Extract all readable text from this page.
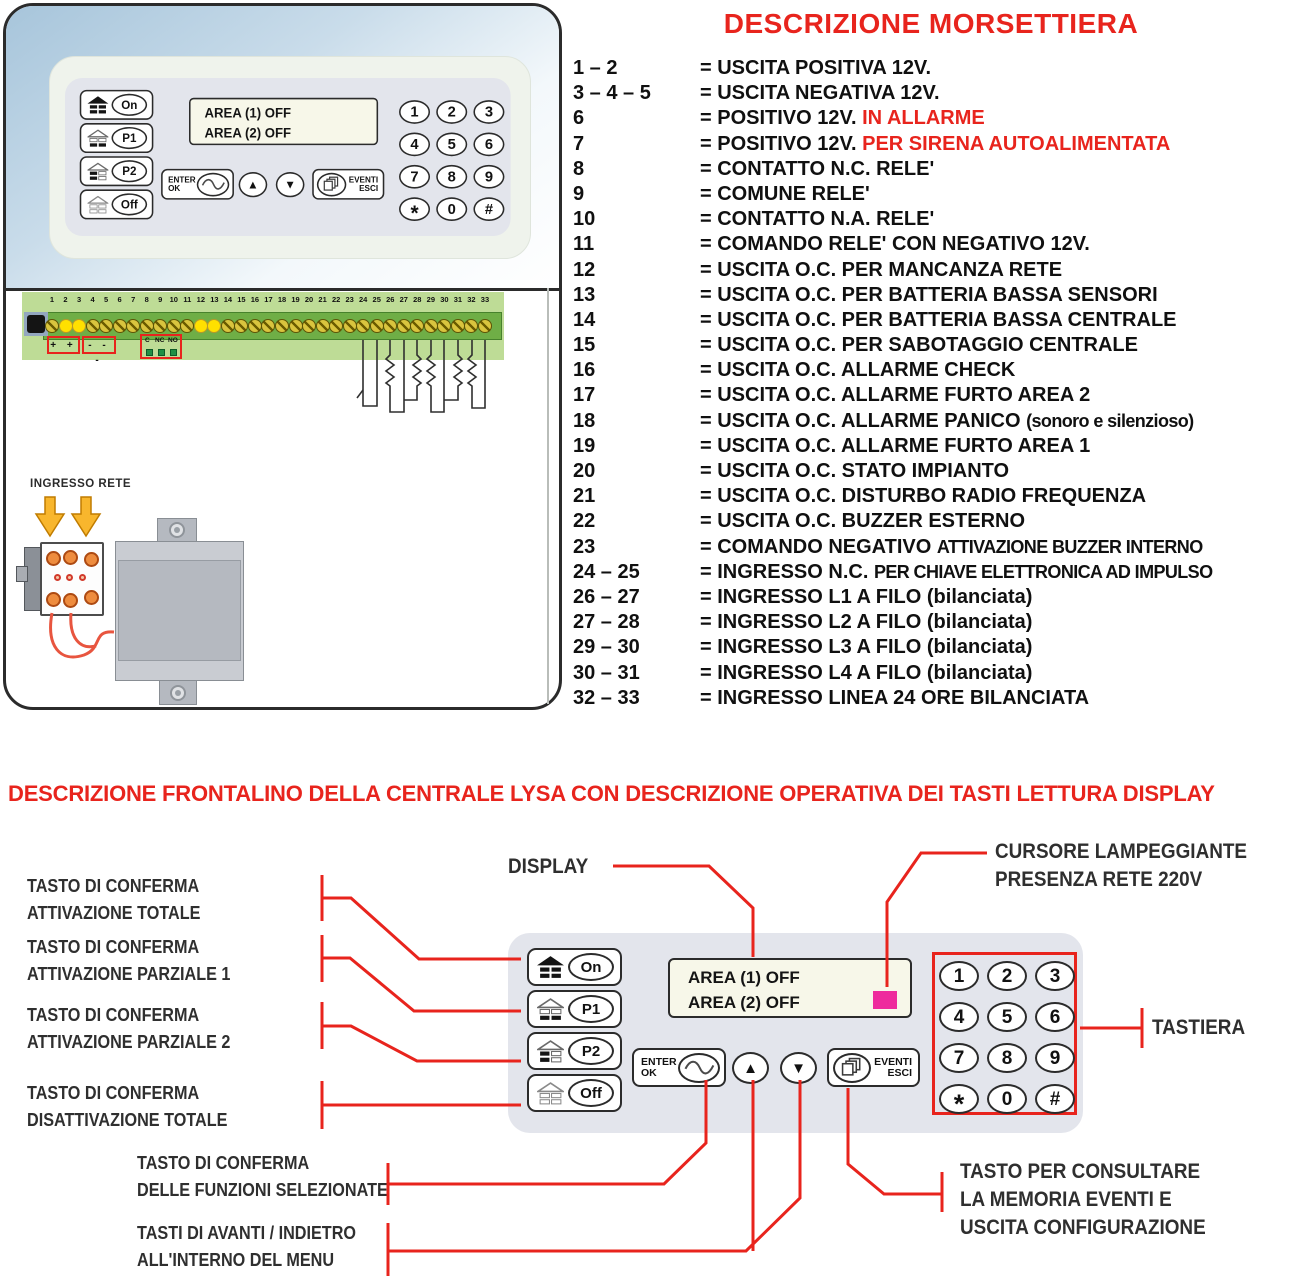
On
P1
P2
Off
AREA (1) OFF
AREA (2) OFF
ENTER
OK	▲	▼	EVENTI
ESCI
1	2	3
4	5	6
7	8	9
*	0	#
+ +	- - -
C NC NO
1	2	3	4	5	6	7	8	9 10 11 12 13 14 15 16 17 18 19 20 21 22 23 24 25 26 27 28 29 30 31 32 33
INGRESSO RETE
DESCRIZIONE MORSETTIERA
1 – 2	= USCITA POSITIVA 12V.
3 – 4 – 5 = USCITA NEGATIVA 12V.
6	= POSITIVO 12V. IN ALLARME
7	= POSITIVO 12V. PER SIRENA AUTOALIMENTATA
8	= CONTATTO N.C. RELE'
9	= COMUNE RELE'
10	= CONTATTO N.A. RELE'
11	= COMANDO RELE' CON NEGATIVO 12V.
12	= USCITA O.C. PER MANCANZA RETE
13	= USCITA O.C. PER BATTERIA BASSA SENSORI
14	= USCITA O.C. PER BATTERIA BASSA CENTRALE
15	= USCITA O.C. PER SABOTAGGIO CENTRALE
16	= USCITA O.C. ALLARME CHECK
17	= USCITA O.C. ALLARME FURTO AREA 2
18	= USCITA O.C. ALLARME PANICO (sonoro e silenzioso)
19	= USCITA O.C. ALLARME FURTO AREA 1
20	= USCITA O.C. STATO IMPIANTO
21	= USCITA O.C. DISTURBO RADIO FREQUENZA
22	= USCITA O.C. BUZZER ESTERNO
23	= COMANDO NEGATIVO ATTIVAZIONE BUZZER INTERNO
24 – 25	= INGRESSO N.C. PER CHIAVE ELETTRONICA AD IMPULSO
26 – 27	= INGRESSO L1 A FILO (bilanciata)
27 – 28	= INGRESSO L2 A FILO (bilanciata)
29 – 30	= INGRESSO L3 A FILO (bilanciata)
30 – 31	= INGRESSO L4 A FILO (bilanciata)
32 – 33	= INGRESSO LINEA 24 ORE BILANCIATA
DESCRIZIONE FRONTALINO DELLA CENTRALE LYSA CON DESCRIZIONE OPERATIVA DEI TASTI LETTURA DISPLAY
On
P1
P2
Off
AREA (1) OFF
AREA (2) OFF
ENTER
OK	▲	▼	EVENTI
ESCI
1	2	3
4	5	6
7	8	9
*	0	#
TASTO DI CONFERMA
ATTIVAZIONE TOTALE
TASTO DI CONFERMA
ATTIVAZIONE PARZIALE 1
TASTO DI CONFERMA
ATTIVAZIONE PARZIALE 2
TASTO DI CONFERMA
DISATTIVAZIONE TOTALE
DISPLAY
CURSORE LAMPEGGIANTE
PRESENZA RETE 220V
TASTIERA
TASTO DI CONFERMA
DELLE FUNZIONI SELEZIONATE
TASTI DI AVANTI / INDIETRO
ALL'INTERNO DEL MENU
TASTO PER CONSULTARE
LA MEMORIA EVENTI E
USCITA CONFIGURAZIONE
